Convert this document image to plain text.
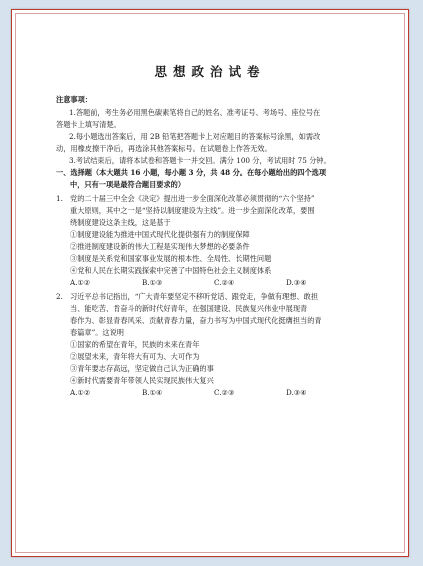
思想政治试卷
注意事项：
1.答题前，考生务必用黑色碳素笔将自己的姓名、准考证号、考场号、座位号在
答题卡上填写清楚。
2.每小题选出答案后，用 2B 铅笔把答题卡上对应题目的答案标号涂黑，如需改
动，用橡皮擦干净后，再选涂其他答案标号。在试题卷上作答无效。
3.考试结束后，请将本试卷和答题卡一并交回。满分 100 分，考试用时 75 分钟。
一、选择题（本大题共 16 小题，每小题 3 分，共 48 分。在每小题给出的四个选项
中，只有一项是最符合题目要求的）
1. 党的二十届三中全会《决定》提出进一步全面深化改革必须贯彻的“六个坚持”
重大原则，其中之一是“坚持以制度建设为主线”。进一步全面深化改革，要围
绕制度建设这条主线，这是基于
①制度建设能为推进中国式现代化提供强有力的制度保障
②推进制度建设新的伟大工程是实现伟大梦想的必要条件
③制度是关系党和国家事业发展的根本性、全局性、长期性问题
④党和人民在长期实践探索中完善了中国特色社会主义制度体系
A.①②	B.①③	C.②④	D.③④
2. 习近平总书记指出，“广大青年要坚定不移听党话、跟党走，争做有理想、敢担
当、能吃苦、肯奋斗的新时代好青年，在强国建设、民族复兴伟业中展现青
春作为、彰显青春风采、贡献青春力量，奋力书写为中国式现代化挺膺担当的青
春篇章”。这说明
①国家的希望在青年，民族的未来在青年
②展望未来，青年将大有可为、大可作为
③青年要志存高远，坚定做自己认为正确的事
④新时代需要青年带领人民实现民族伟大复兴
A.①②	B.①④	C.②③	D.③④
